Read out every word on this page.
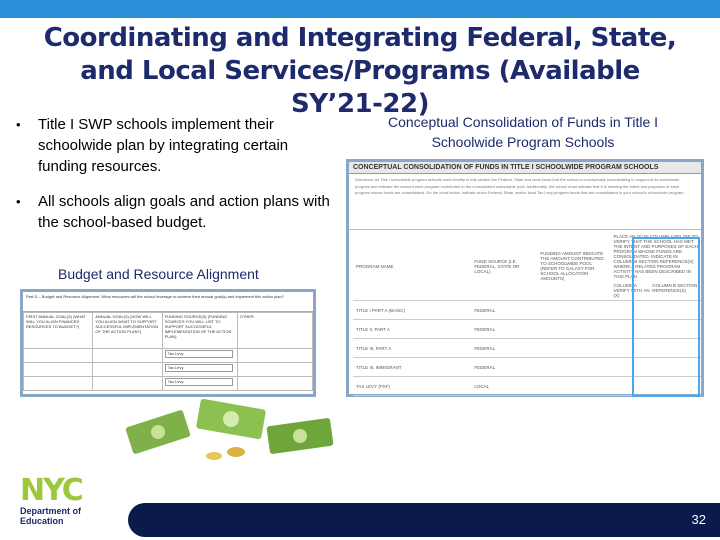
Coordinating and Integrating Federal, State, and Local Services/Programs (Available SY’21-22)
• Title I SWP schools implement their schoolwide plan by integrating certain funding resources.
• All schools align goals and action plans with the school-based budget.
Budget and Resource Alignment
Conceptual Consolidation of Funds in Title I Schoolwide Program Schools
Part D – Budget and Resource Alignment. What resources will the school leverage to achieve their annual goal(s) and implement this action plan?
FIRST ANNUAL GOAL(S) (WHAT WILL YOU ALIGN FINANCED RESOURCES TO BUDGET?)	ANNUAL GOAL(S) (HOW WILL YOU ALIGN WHAT TO SUPPORT SUCCESSFUL IMPLEMENTATION OF THE ACTION PLAN?)	FUNDING SOURCE(S) (FUNDING SOURCES YOU WILL LIST TO SUPPORT SUCCESSFUL IMPLEMENTATION OF THE ACTION PLAN)	OTHER
		Tax Levy	
		Tax Levy	
		Tax Levy	
CONCEPTUAL CONSOLIDATION OF FUNDS IN TITLE I SCHOOLWIDE PROGRAM SCHOOLS
Directions: All Title I schoolwide program schools must identify in this section the Federal, State and local funds that the school is conceptually consolidating in support of its schoolwide program and indicate the amount each program contributes to the consolidated schoolwide pool. Additionally, the school must indicate that it is meeting the intent and purposes of each program whose funds are consolidated. On the chart below, indicate which Federal, State, and/or local Tax Levy program funds that are consolidated in your school's schoolwide program.
PROGRAM NAME	FUND SOURCE (I.E. FEDERAL, STATE OR LOCAL)	FUNDING AMOUNT INDICATE THE AMOUNT CONTRIBUTED TO SCHOOLWIDE POOL (REFER TO GALAXY FOR SCHOOL ALLOCATION AMOUNTS)	PLACE AN (X) IN COLUMN A BELOW TO VERIFY THAT THE SCHOOL HAS MET THE INTENT AND PURPOSES OF EACH PROGRAM WHOSE FUNDS ARE CONSOLIDATED. INDICATE IN COLUMN B SECTION REFERENCE(S) WHERE A RELATED PROGRAM ACTIVITY HAS BEEN DESCRIBED IN THIS PLAN.
COLUMN A VERIFY WITH AN (X)
COLUMN B SECTION REFERENCE(S)

TITLE I PART A (BASIC)	FEDERAL		
TITLE II, PART A	FEDERAL		
TITLE III, PART A	FEDERAL		
TITLE III, IMMIGRANT	FEDERAL		
TAX LEVY (FSF)	LOCAL		
NYC
Department of
Education	32
